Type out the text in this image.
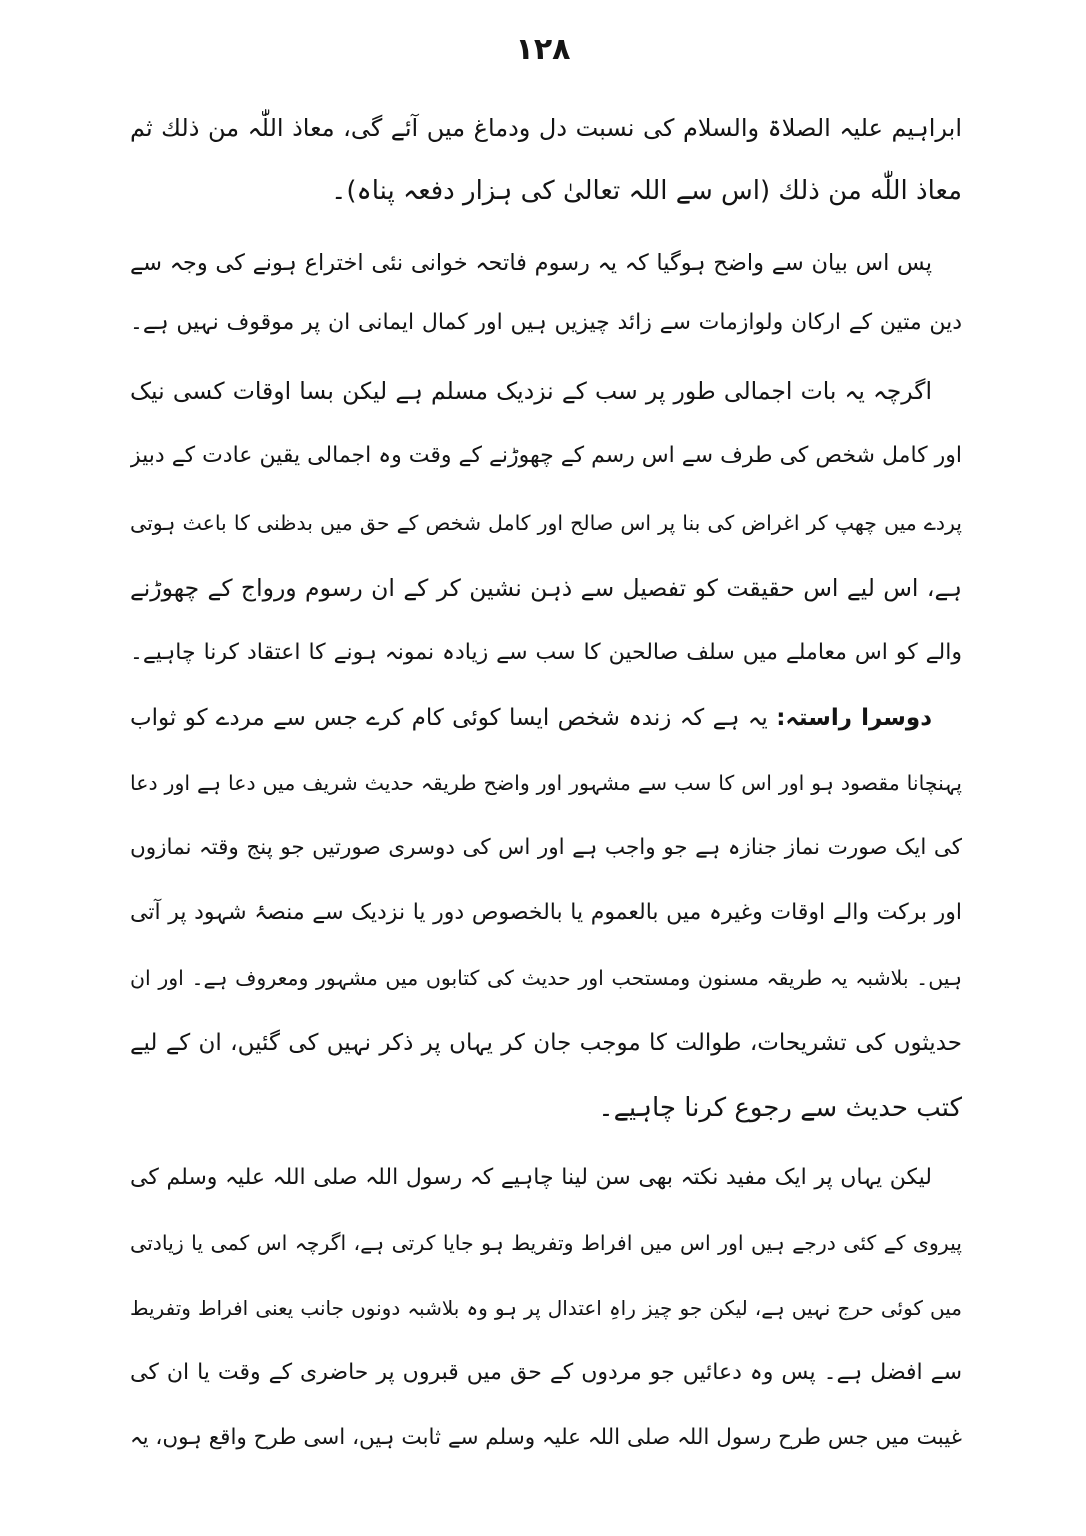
۱۲۸
ابراہیم علیہ الصلاۃ والسلام کی نسبت دل ودماغ میں آئے گی، معاذ اللّٰہ من ذلك ثم
معاذ اللّٰه من ذلك (اس سے اللہ تعالیٰ کی ہزار دفعہ پناہ)۔
پس اس بیان سے واضح ہوگیا کہ یہ رسوم فاتحہ خوانی نئی اختراع ہونے کی وجہ سے
دین متین کے ارکان ولوازمات سے زائد چیزیں ہیں اور کمال ایمانی ان پر موقوف نہیں ہے۔
اگرچہ یہ بات اجمالی طور پر سب کے نزدیک مسلم ہے لیکن بسا اوقات کسی نیک
اور کامل شخص کی طرف سے اس رسم کے چھوڑنے کے وقت وہ اجمالی یقین عادت کے دبیز
پردے میں چھپ کر اغراض کی بنا پر اس صالح اور کامل شخص کے حق میں بدظنی کا باعث ہوتی
ہے، اس لیے اس حقیقت کو تفصیل سے ذہن نشین کر کے ان رسوم ورواج کے چھوڑنے
والے کو اس معاملے میں سلف صالحین کا سب سے زیادہ نمونہ ہونے کا اعتقاد کرنا چاہیے۔
دوسرا راستہ: یہ ہے کہ زندہ شخص ایسا کوئی کام کرے جس سے مردے کو ثواب
پہنچانا مقصود ہو اور اس کا سب سے مشہور اور واضح طریقہ حدیث شریف میں دعا ہے اور دعا
کی ایک صورت نماز جنازہ ہے جو واجب ہے اور اس کی دوسری صورتیں جو پنج وقتہ نمازوں
اور برکت والے اوقات وغیرہ میں بالعموم یا بالخصوص دور یا نزدیک سے منصۂ شہود پر آتی
ہیں۔ بلاشبہ یہ طریقہ مسنون ومستحب اور حدیث کی کتابوں میں مشہور ومعروف ہے۔ اور ان
حدیثوں کی تشریحات، طوالت کا موجب جان کر یہاں پر ذکر نہیں کی گئیں، ان کے لیے
کتب حدیث سے رجوع کرنا چاہیے۔
لیکن یہاں پر ایک مفید نکتہ بھی سن لینا چاہیے کہ رسول اللہ صلی اللہ علیہ وسلم کی
پیروی کے کئی درجے ہیں اور اس میں افراط وتفریط ہو جایا کرتی ہے، اگرچہ اس کمی یا زیادتی
میں کوئی حرج نہیں ہے، لیکن جو چیز راہِ اعتدال پر ہو وہ بلاشبہ دونوں جانب یعنی افراط وتفریط
سے افضل ہے۔ پس وہ دعائیں جو مردوں کے حق میں قبروں پر حاضری کے وقت یا ان کی
غیبت میں جس طرح رسول اللہ صلی اللہ علیہ وسلم سے ثابت ہیں، اسی طرح واقع ہوں، یہ
